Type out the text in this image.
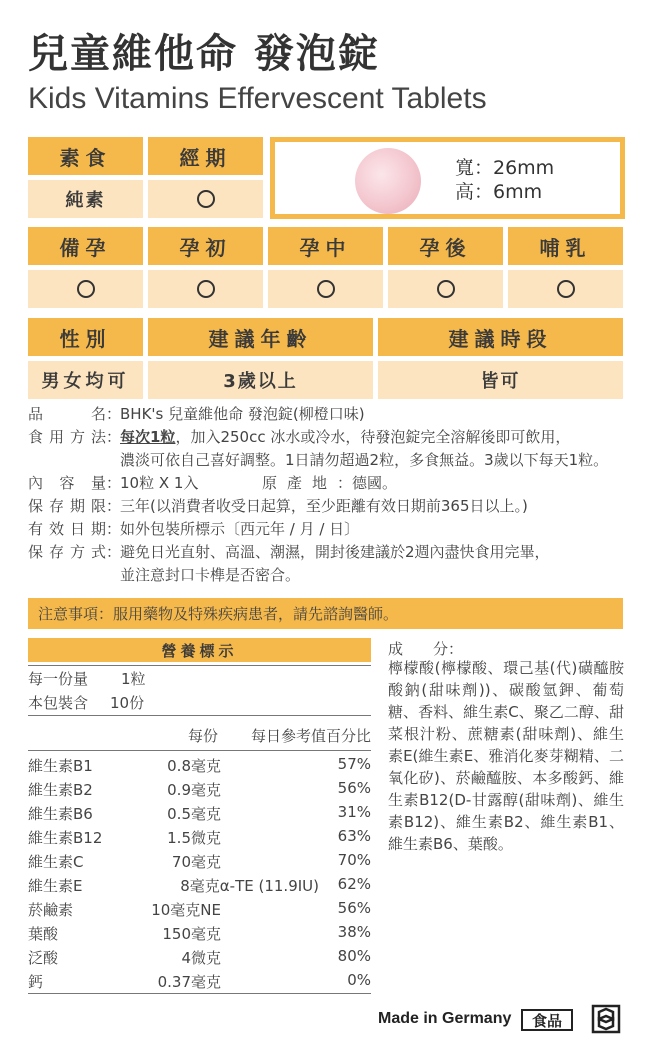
兒童維他命 發泡錠
Kids Vitamins Effervescent Tablets
素食	經期
純素
寬：26mm
高：6mm
備孕	孕初	孕中	孕後	哺乳
性別	建議年齡	建議時段
男女均可	3歲以上	皆可
品名 ：
BHK's 兒童維他命 發泡錠(柳橙口味)
食用方法 ：
每次1粒，加入250cc 冰水或冷水，待發泡錠完全溶解後即可飲用，
濃淡可依自己喜好調整。1日請勿超過2粒，多食無益。3歲以下每天1粒。
內容量 ：
10粒 X 1入	原產地：德國。
保存期限 ：
三年(以消費者收受日起算，至少距離有效日期前365日以上。)
有效日期 ：
如外包裝所標示〔西元年 / 月 / 日〕
保存方式 ：
避免日光直射、高溫、潮濕，開封後建議於2週內盡快食用完畢，
並注意封口卡榫是否密合。
注意事項：服用藥物及特殊疾病患者，請先諮詢醫師。
營養標示
每一份量 1粒
本包裝含 10份
每份 每日參考值百分比
維生素B1	0.8毫克	57%
維生素B2	0.9毫克	56%
維生素B6	0.5毫克	31%
維生素B12	1.5微克	63%
維生素C	70毫克	70%
維生素E	8毫克α-TE (11.9IU) 62%
菸鹼素	10毫克NE	56%
葉酸	150毫克	38%
泛酸	4微克	80%
鈣	0.37毫克	0%
成　　分：
檸檬酸(檸檬酸、環己基(代)磺醯胺酸鈉(甜味劑))、碳酸氫鉀、葡萄糖、香料、維生素C、聚乙二醇、甜菜根汁粉、蔗糖素(甜味劑)、維生素E(維生素E、雅消化麥芽糊精、二氧化矽)、菸鹼醯胺、本多酸鈣、維生素B12(D-甘露醇(甜味劑)、維生素B12)、維生素B2、維生素B1、維生素B6、葉酸。
Made in Germany	食品
